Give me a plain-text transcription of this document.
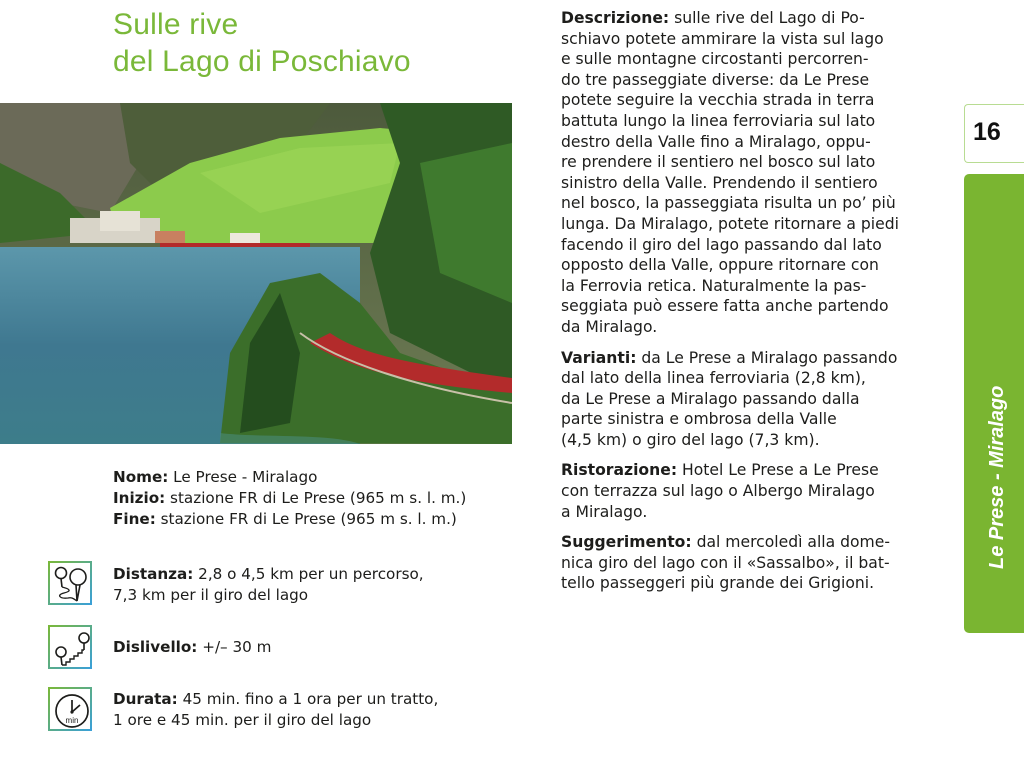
Sulle rive
del Lago di Poschiavo

Nome: Le Prese - Miralago

Inizio: stazione FR di Le Prese (965 m s. l. m.)

Fine: stazione FR di Le Prese (965 m s. l. m.)

Distanza: 2,8 o 4,5 km per un percorso,
7,3 km per il giro del lago
Dislivello: +/– 30 m
min
Durata: 45 min. fino a 1 ora per un tratto,
1 ore e 45 min. per il giro del lago

Descrizione: sulle rive del Lago di Po-
schiavo potete ammirare la vista sul lago
e sulle montagne circostanti percorren-
do tre passeggiate diverse: da Le Prese
potete seguire la vecchia strada in terra
battuta lungo la linea ferroviaria sul lato
destro della Valle fino a Miralago, oppu-
re prendere il sentiero nel bosco sul lato
sinistro della Valle. Prendendo il sentiero
nel bosco, la passeggiata risulta un po’ più
lunga. Da Miralago, potete ritornare a piedi
facendo il giro del lago passando dal lato
opposto della Valle, oppure ritornare con
la Ferrovia retica. Naturalmente la pas-
seggiata può essere fatta anche partendo
da Miralago.

Varianti: da Le Prese a Miralago passando
dal lato della linea ferroviaria (2,8 km),
da Le Prese a Miralago passando dalla
parte sinistra e ombrosa della Valle
(4,5 km) o giro del lago (7,3 km).

Ristorazione: Hotel Le Prese a Le Prese
con terrazza sul lago o Albergo Miralago
a Miralago.

Suggerimento: dal mercoledì alla dome-
nica giro del lago con il «Sassalbo», il bat-
tello passeggeri più grande dei Grigioni.

16
Le Prese - Miralago
